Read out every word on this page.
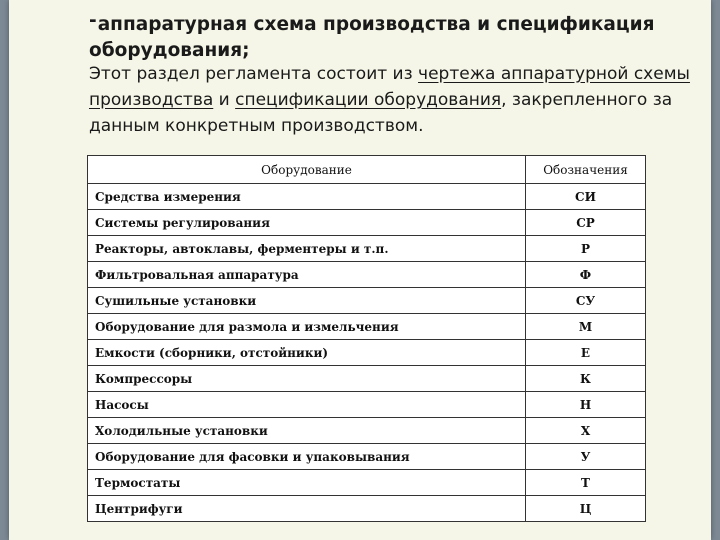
-аппаратурная схема производства и спецификация оборудования;

Этот раздел регламента состоит из чертежа аппаратурной схемы производства и спецификации оборудования, закрепленного за данным конкретным производством.

Оборудование	Обозначения
Средства измерения	СИ
Системы регулирования	СР
Реакторы, автоклавы, ферментеры и т.п.	Р
Фильтровальная аппаратура	Ф
Сушильные установки	СУ
Оборудование для размола и измельчения	М
Емкости (сборники, отстойники)	Е
Компрессоры	К
Насосы	Н
Холодильные установки	Х
Оборудование для фасовки и упаковывания	У
Термостаты	Т
Центрифуги	Ц
